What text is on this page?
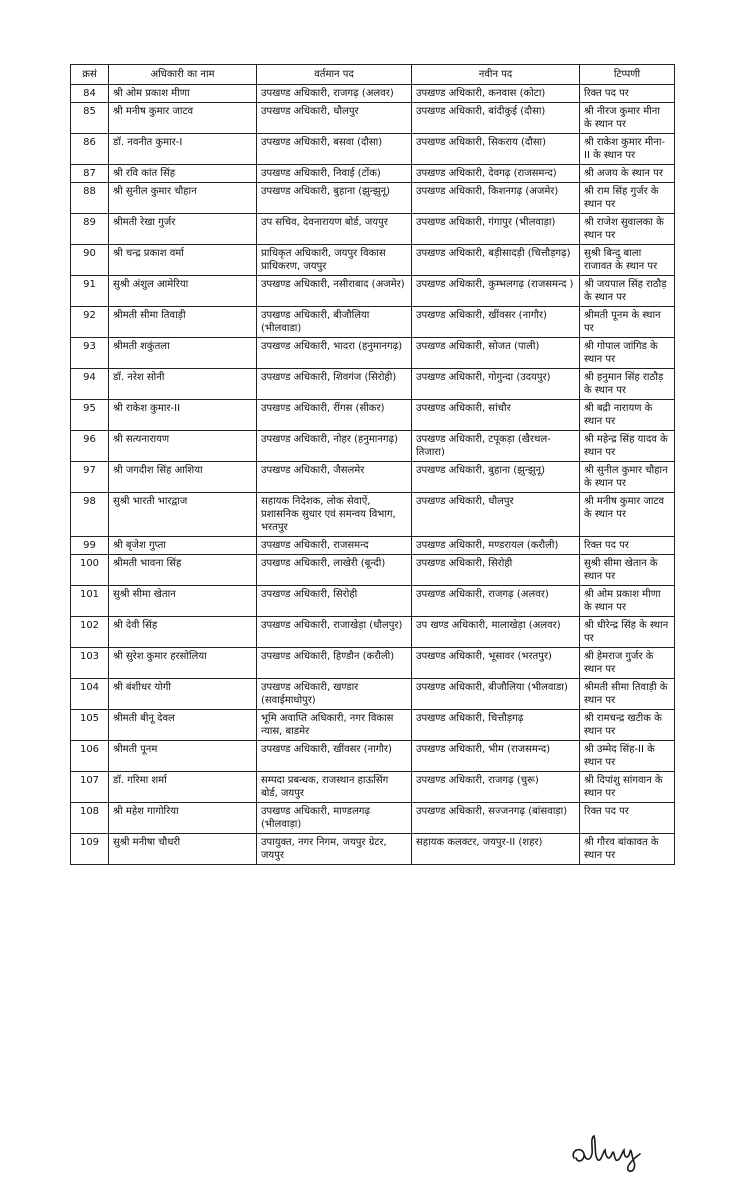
क्रसं	अधिकारी का नाम	वर्तमान पद	नवीन पद	टिप्पणी
84	श्री ओम प्रकाश मीणा	उपखण्ड अधिकारी, राजगढ़ (अलवर)	उपखण्ड अधिकारी, कनवास (कोटा)	रिक्त पद पर
85	श्री मनीष कुमार जाटव	उपखण्ड अधिकारी, धौलपुर	उपखण्ड अधिकारी, बांदीकुई (दौसा)	श्री नीरज कुमार मीना के स्थान पर
86	डॉ. नवनीत कुमार-I	उपखण्ड अधिकारी, बसवा (दौसा)	उपखण्ड अधिकारी, सिकराय (दौसा)	श्री राकेश कुमार मीना-II के स्थान पर
87	श्री रवि कांत सिंह	उपखण्ड अधिकारी, निवाई (टोंक)	उपखण्ड अधिकारी, देवगढ़ (राजसमन्द)	श्री अजय के स्थान पर
88	श्री सुनील कुमार चौहान	उपखण्ड अधिकारी, बुहाना (झुन्झुनू)	उपखण्ड अधिकारी, किशनगढ़ (अजमेर)	श्री राम सिंह गुर्जर के स्थान पर
89	श्रीमती रेखा गुर्जर	उप सचिव, देवनारायण बोर्ड, जयपुर	उपखण्ड अधिकारी, गंगापुर (भीलवाड़ा)	श्री राजेश सुवालका के स्थान पर
90	श्री चन्द्र प्रकाश वर्मा	प्राधिकृत अधिकारी, जयपुर विकास प्राधिकरण, जयपुर	उपखण्ड अधिकारी, बड़ीसादड़ी (चित्तौड़गढ़)	सुश्री बिन्दु बाला राजावत के स्थान पर
91	सुश्री अंशुल आमेरिया	उपखण्ड अधिकारी, नसीराबाद (अजमेर)	उपखण्ड अधिकारी, कुम्भलगढ़ (राजसमन्द )	श्री जयपाल सिंह राठौड़ के स्थान पर
92	श्रीमती सीमा तिवाड़ी	उपखण्ड अधिकारी, बीजौलिया (भीलवाडा)	उपखण्ड अधिकारी, खींवसर (नागौर)	श्रीमती पूनम के स्थान पर
93	श्रीमती शकुंतला	उपखण्ड अधिकारी, भादरा (हनुमानगढ़)	उपखण्ड अधिकारी, सोजत (पाली)	श्री गोपाल जांगिड के स्थान पर
94	डॉ. नरेश सोनी	उपखण्ड अधिकारी, शिवगंज (सिरोही)	उपखण्ड अधिकारी, गोगुन्दा (उदयपुर)	श्री हनुमान सिंह राठौड़ के स्थान पर
95	श्री राकेश कुमार-II	उपखण्ड अधिकारी, रींगस (सीकर)	उपखण्ड अधिकारी, सांचौर	श्री बद्री नारायण के स्थान पर
96	श्री सत्यनारायण	उपखण्ड अधिकारी, नोहर (हनुमानगढ़)	उपखण्ड अधिकारी, टपूकड़ा (खैरथल-तिजारा)	श्री महेन्द्र सिंह यादव के स्थान पर
97	श्री जगदीश सिंह आशिया	उपखण्ड अधिकारी, जैसलमेर	उपखण्ड अधिकारी, बुहाना (झुन्झुनू)	श्री सुनील कुमार चौहान के स्थान पर
98	सुश्री भारती भारद्वाज	सहायक निदेशक, लोक सेवाऐं, प्रशासनिक सुधार एवं समन्वय विभाग, भरतपुर	उपखण्ड अधिकारी, धौलपुर	श्री मनीष कुमार जाटव के स्थान पर
99	श्री बृजेश गुप्ता	उपखण्ड अधिकारी, राजसमन्द	उपखण्ड अधिकारी, मण्डरायल (करौली)	रिक्त पद पर
100	श्रीमती भावना सिंह	उपखण्ड अधिकारी, लाखेरी (बून्दी)	उपखण्ड अधिकारी, सिरोही	सुश्री सीमा खेतान के स्थान पर
101	सुश्री सीमा खेतान	उपखण्ड अधिकारी, सिरोही	उपखण्ड अधिकारी, राजगढ़ (अलवर)	श्री ओम प्रकाश मीणा के स्थान पर
102	श्री देवी सिंह	उपखण्ड अधिकारी, राजाखेड़ा (धौलपुर)	उप खण्ड अधिकारी, मालाखेड़ा (अलवर)	श्री धीरेन्द्र सिंह के स्थान पर
103	श्री सुरेश कुमार हरसोलिया	उपखण्ड अधिकारी, हिण्डौन (करौली)	उपखण्ड अधिकारी, भूसावर (भरतपुर)	श्री हेमराज गुर्जर के स्थान पर
104	श्री बंशीधर योगी	उपखण्ड अधिकारी, खण्डार (सवाईमाधोपुर)	उपखण्ड अधिकारी, बीजौलिया (भीलवाडा)	श्रीमती सीमा तिवाड़ी के स्थान पर
105	श्रीमती बीनू देवल	भूमि अवाप्ति अधिकारी, नगर विकास न्यास, बाडमेर	उपखण्ड अधिकारी, चित्तौड़गढ़	श्री रामचन्द्र खटीक के स्थान पर
106	श्रीमती पूनम	उपखण्ड अधिकारी, खींवसर (नागौर)	उपखण्ड अधिकारी, भीम (राजसमन्द)	श्री उम्मेद सिंह-II के स्थान पर
107	डॉ. गरिमा शर्मा	सम्पदा प्रबन्धक, राजस्थान हाऊसिंग बोर्ड, जयपुर	उपखण्ड अधिकारी, राजगढ़ (चुरू)	श्री दिपांशु सांगवान के स्थान पर
108	श्री महेश गागोरिया	उपखण्ड अधिकारी, माण्डलगढ़ (भीलवाड़ा)	उपखण्ड अधिकारी, सज्जनगढ़ (बांसवाड़ा)	रिक्त पद पर
109	सुश्री मनीषा चौधरी	उपायुक्त, नगर निगम, जयपुर ग्रेटर, जयपुर	सहायक कलक्टर, जयपुर-II (शहर)	श्री गौरव बांकावत के स्थान पर
